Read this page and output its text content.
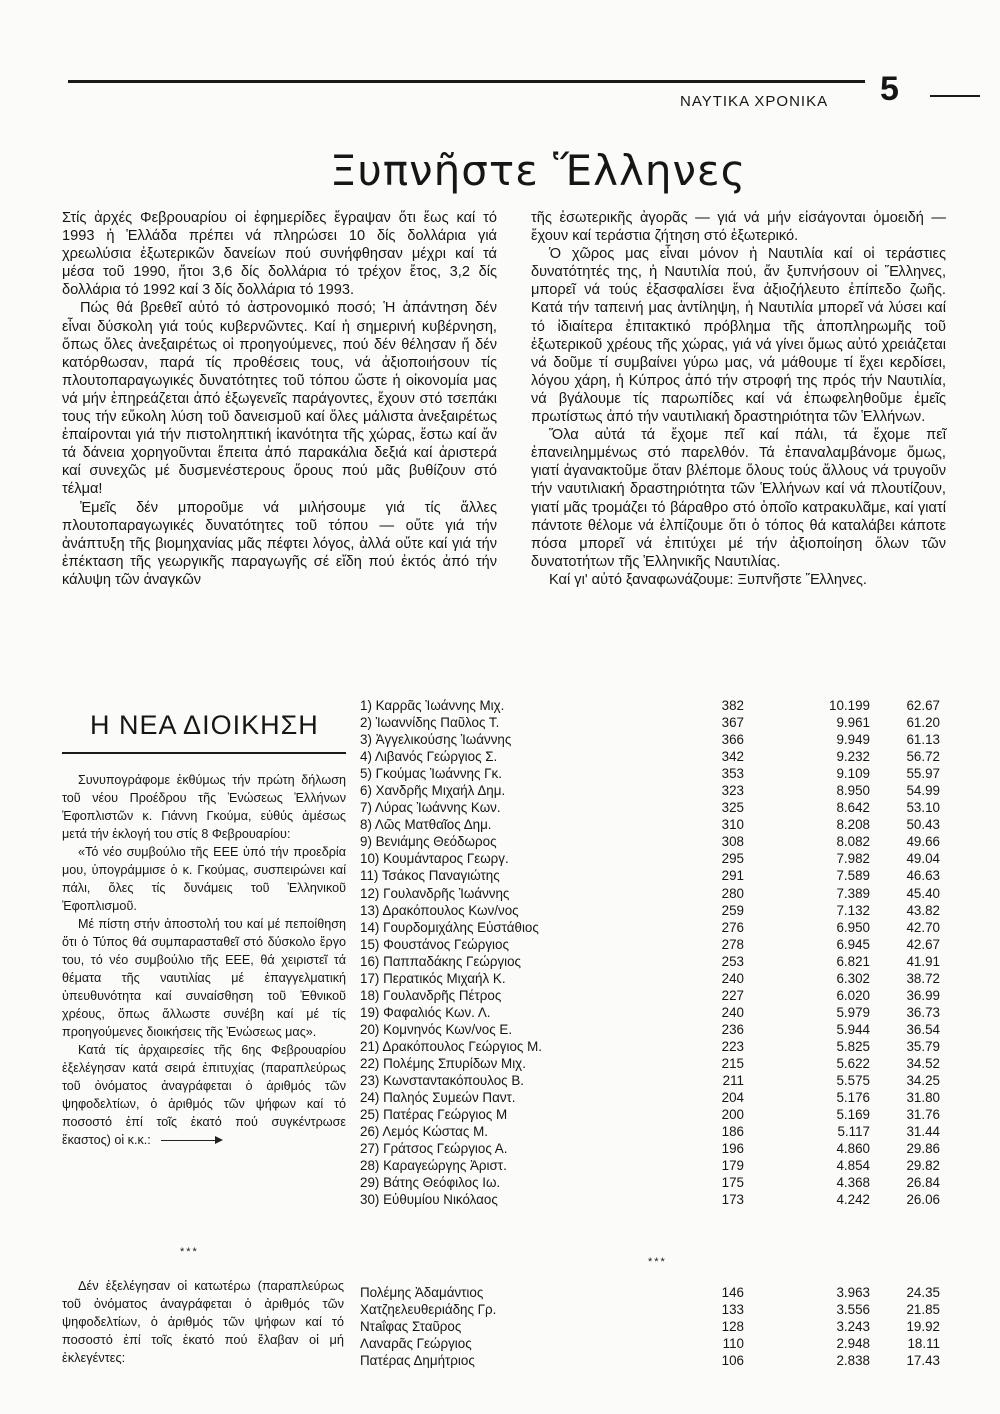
ΝΑΥΤΙΚΑ ΧΡΟΝΙΚΑ 5
Ξυπνῆστε Ἕλληνες

Στίς ἀρχές Φεβρουαρίου οἱ ἐφημερίδες ἔγραψαν ὅτι ἕως καί τό 1993 ἡ Ἑλλάδα πρέπει νά πληρώσει 10 δίς δολλάρια γιά χρεωλύσια ἐξωτερικῶν δανείων πού συνήφθησαν μέχρι καί τά μέσα τοῦ 1990, ἤτοι 3,6 δίς δολλάρια τό τρέχον ἔτος, 3,2 δίς δολλάρια τό 1992 καί 3 δίς δολλάρια τό 1993.

Πώς θά βρεθεῖ αὐτό τό ἀστρονομικό ποσό; Ἡ ἀπάντηση δέν εἶναι δύσκολη γιά τούς κυβερνῶντες. Καί ἡ σημερινή κυβέρνηση, ὅπως ὅλες ἀνεξαιρέτως οἱ προηγούμενες, πού δέν θέλησαν ἤ δέν κατόρθωσαν, παρά τίς προθέσεις τους, νά ἀξιοποιήσουν τίς πλουτοπαραγωγικές δυνατότητες τοῦ τόπου ὥστε ἡ οἰκονομία μας νά μήν ἐπηρεάζεται ἀπό ἐξωγενεῖς παράγοντες, ἔχουν στό τσεπάκι τους τήν εὔκολη λύση τοῦ δανεισμοῦ καί ὅλες μάλιστα ἀνεξαιρέτως ἐπαίρονται γιά τήν πιστοληπτική ἱκανότητα τῆς χώρας, ἔστω καί ἄν τά δάνεια χορηγοῦνται ἔπειτα ἀπό παρακάλια δεξιά καί ἀριστερά καί συνεχῶς μέ δυσμενέστερους ὅρους πού μᾶς βυθίζουν στό τέλμα!

Ἐμεῖς δέν μποροῦμε νά μιλήσουμε γιά τίς ἄλλες πλουτοπαραγωγικές δυνατότητες τοῦ τόπου — οὔτε γιά τήν ἀνάπτυξη τῆς βιομηχανίας μᾶς πέφτει λόγος, ἀλλά οὔτε καί γιά τήν ἐπέκταση τῆς γεωργικῆς παραγωγῆς σέ εἴδη πού ἐκτός ἀπό τήν κάλυψη τῶν ἀναγκῶν

τῆς ἐσωτερικῆς ἀγορᾶς — γιά νά μήν εἰσάγονται ὁμοειδή — ἔχουν καί τεράστια ζήτηση στό ἐξωτερικό.

Ὁ χῶρος μας εἶναι μόνον ἡ Ναυτιλία καί οἱ τεράστιες δυνατότητές της, ἡ Ναυτιλία πού, ἄν ξυπνήσουν οἱ Ἕλληνες, μπορεῖ νά τούς ἐξασφαλίσει ἕνα ἀξιοζήλευτο ἐπίπεδο ζωῆς. Κατά τήν ταπεινή μας ἀντίληψη, ἡ Ναυτιλία μπορεῖ νά λύσει καί τό ἰδιαίτερα ἐπιτακτικό πρόβλημα τῆς ἀποπληρωμῆς τοῦ ἐξωτερικοῦ χρέους τῆς χώρας, γιά νά γίνει ὅμως αὐτό χρειάζεται νά δοῦμε τί συμβαίνει γύρω μας, νά μάθουμε τί ἔχει κερδίσει, λόγου χάρη, ἡ Κύπρος ἀπό τήν στροφή της πρός τήν Ναυτιλία, νά βγάλουμε τίς παρωπίδες καί νά ἐπωφεληθοῦμε ἐμεῖς πρωτίστως ἀπό τήν ναυτιλιακή δραστηριότητα τῶν Ἑλλήνων.

Ὅλα αὐτά τά ἔχομε πεῖ καί πάλι, τά ἔχομε πεῖ ἐπανειλημμένως στό παρελθόν. Τά ἐπαναλαμβάνομε ὅμως, γιατί ἀγανακτοῦμε ὅταν βλέπομε ὅλους τούς ἄλλους νά τρυγοῦν τήν ναυτιλιακή δραστηριότητα τῶν Ἑλλήνων καί νά πλουτίζουν, γιατί μᾶς τρομάζει τό βάραθρο στό ὁποῖο κατρακυλᾶμε, καί γιατί πάντοτε θέλομε νά ἐλπίζουμε ὅτι ὁ τόπος θά καταλάβει κάποτε πόσα μπορεῖ νά ἐπιτύχει μέ τήν ἀξιοποίηση ὅλων τῶν δυνατοτήτων τῆς Ἑλληνικῆς Ναυτιλίας.

Καί γι' αὐτό ξαναφωνάζουμε: Ξυπνῆστε Ἕλληνες.

Η ΝΕΑ ΔΙΟΙΚΗΣΗ

Συνυπογράφομε ἐκθύμως τήν πρώτη δήλωση τοῦ νέου Προέδρου τῆς Ἑνώσεως Ἑλλήνων Ἐφοπλιστῶν κ. Γιάννη Γκούμα, εὐθύς ἀμέσως μετά τήν ἐκλογή του στίς 8 Φεβρουαρίου:

«Τό νέο συμβούλιο τῆς ΕΕΕ ὑπό τήν προεδρία μου, ὑπογράμμισε ὁ κ. Γκούμας, συσπειρώνει καί πάλι, ὅλες τίς δυνάμεις τοῦ Ἑλληνικοῦ Ἐφοπλισμοῦ.

Μέ πίστη στήν ἀποστολή του καί μέ πεποίθηση ὅτι ὁ Τύπος θά συμπαρασταθεῖ στό δύσκολο ἔργο του, τό νέο συμβούλιο τῆς ΕΕΕ, θά χειριστεῖ τά θέματα τῆς ναυτιλίας μέ ἐπαγγελματική ὑπευθυνότητα καί συναίσθηση τοῦ Ἐθνικοῦ χρέους, ὅπως ἄλλωστε συνέβη καί μέ τίς προηγούμενες διοικήσεις τῆς Ἑνώσεως μας».

Κατά τίς ἀρχαιρεσίες τῆς 6ης Φεβρουαρίου ἐξελέγησαν κατά σειρά ἐπιτυχίας (παραπλεύρως τοῦ ὀνόματος ἀναγράφεται ὁ ἀριθμός τῶν ψηφοδελτίων, ὁ ἀριθμός τῶν ψήφων καί τό ποσοστό ἐπί τοῖς ἑκατό πού συγκέντρωσε ἕκαστος) οἱ κ.κ.:

***
***
Δέν ἐξελέγησαν οἱ κατωτέρω (παραπλεύρως τοῦ ὀνόματος ἀναγράφεται ὁ ἀριθμός τῶν ψηφοδελτίων, ὁ ἀριθμός τῶν ψήφων καί τό ποσοστό ἐπί τοῖς ἑκατό πού ἔλαβαν οἱ μή ἐκλεγέντες:
1) Καρρᾶς Ἰωάννης Μιχ.	382	10.199	62.67
2) Ἰωαννίδης Παῦλος Τ.	367	9.961	61.20
3) Ἀγγελικούσης Ἰωάννης	366	9.949	61.13
4) Λιβανός Γεώργιος Σ.	342	9.232	56.72
5) Γκούμας Ἰωάννης Γκ.	353	9.109	55.97
6) Χανδρῆς Μιχαήλ Δημ.	323	8.950	54.99
7) Λύρας Ἰωάννης Κων.	325	8.642	53.10
8) Λῶς Ματθαῖος Δημ.	310	8.208	50.43
9) Βενιάμης Θεόδωρος	308	8.082	49.66
10) Κουμάνταρος Γεωργ.	295	7.982	49.04
11) Τσάκος Παναγιώτης	291	7.589	46.63
12) Γουλανδρῆς Ἰωάννης	280	7.389	45.40
13) Δρακόπουλος Κων/νος	259	7.132	43.82
14) Γουρδομιχάλης Εὐστάθιος	276	6.950	42.70
15) Φουστάνος Γεώργιος	278	6.945	42.67
16) Παππαδάκης Γεώργιος	253	6.821	41.91
17) Περατικός Μιχαήλ Κ.	240	6.302	38.72
18) Γουλανδρῆς Πέτρος	227	6.020	36.99
19) Φαφαλιός Κων. Λ.	240	5.979	36.73
20) Κομνηνός Κων/νος Ε.	236	5.944	36.54
21) Δρακόπουλος Γεώργιος Μ.	223	5.825	35.79
22) Πολέμης Σπυρίδων Μιχ.	215	5.622	34.52
23) Κωνσταντακόπουλος Β.	211	5.575	34.25
24) Παληός Συμεών Παντ.	204	5.176	31.80
25) Πατέρας Γεώργιος Μ	200	5.169	31.76
26) Λεμός Κώστας Μ.	186	5.117	31.44
27) Γράτσος Γεώργιος Α.	196	4.860	29.86
28) Καραγεώργης Ἀριστ.	179	4.854	29.82
29) Βάτης Θεόφιλος Ιω.	175	4.368	26.84
30) Εὐθυμίου Νικόλαος	173	4.242	26.06
Πολέμης Ἀδαμάντιος	146	3.963	24.35
Χατζηελευθεριάδης Γρ.	133	3.556	21.85
Ντaΐφας Σταῦρος	128	3.243	19.92
Λαναρᾶς Γεώργιος	110	2.948	18.11
Πατέρας Δημήτριος	106	2.838	17.43
